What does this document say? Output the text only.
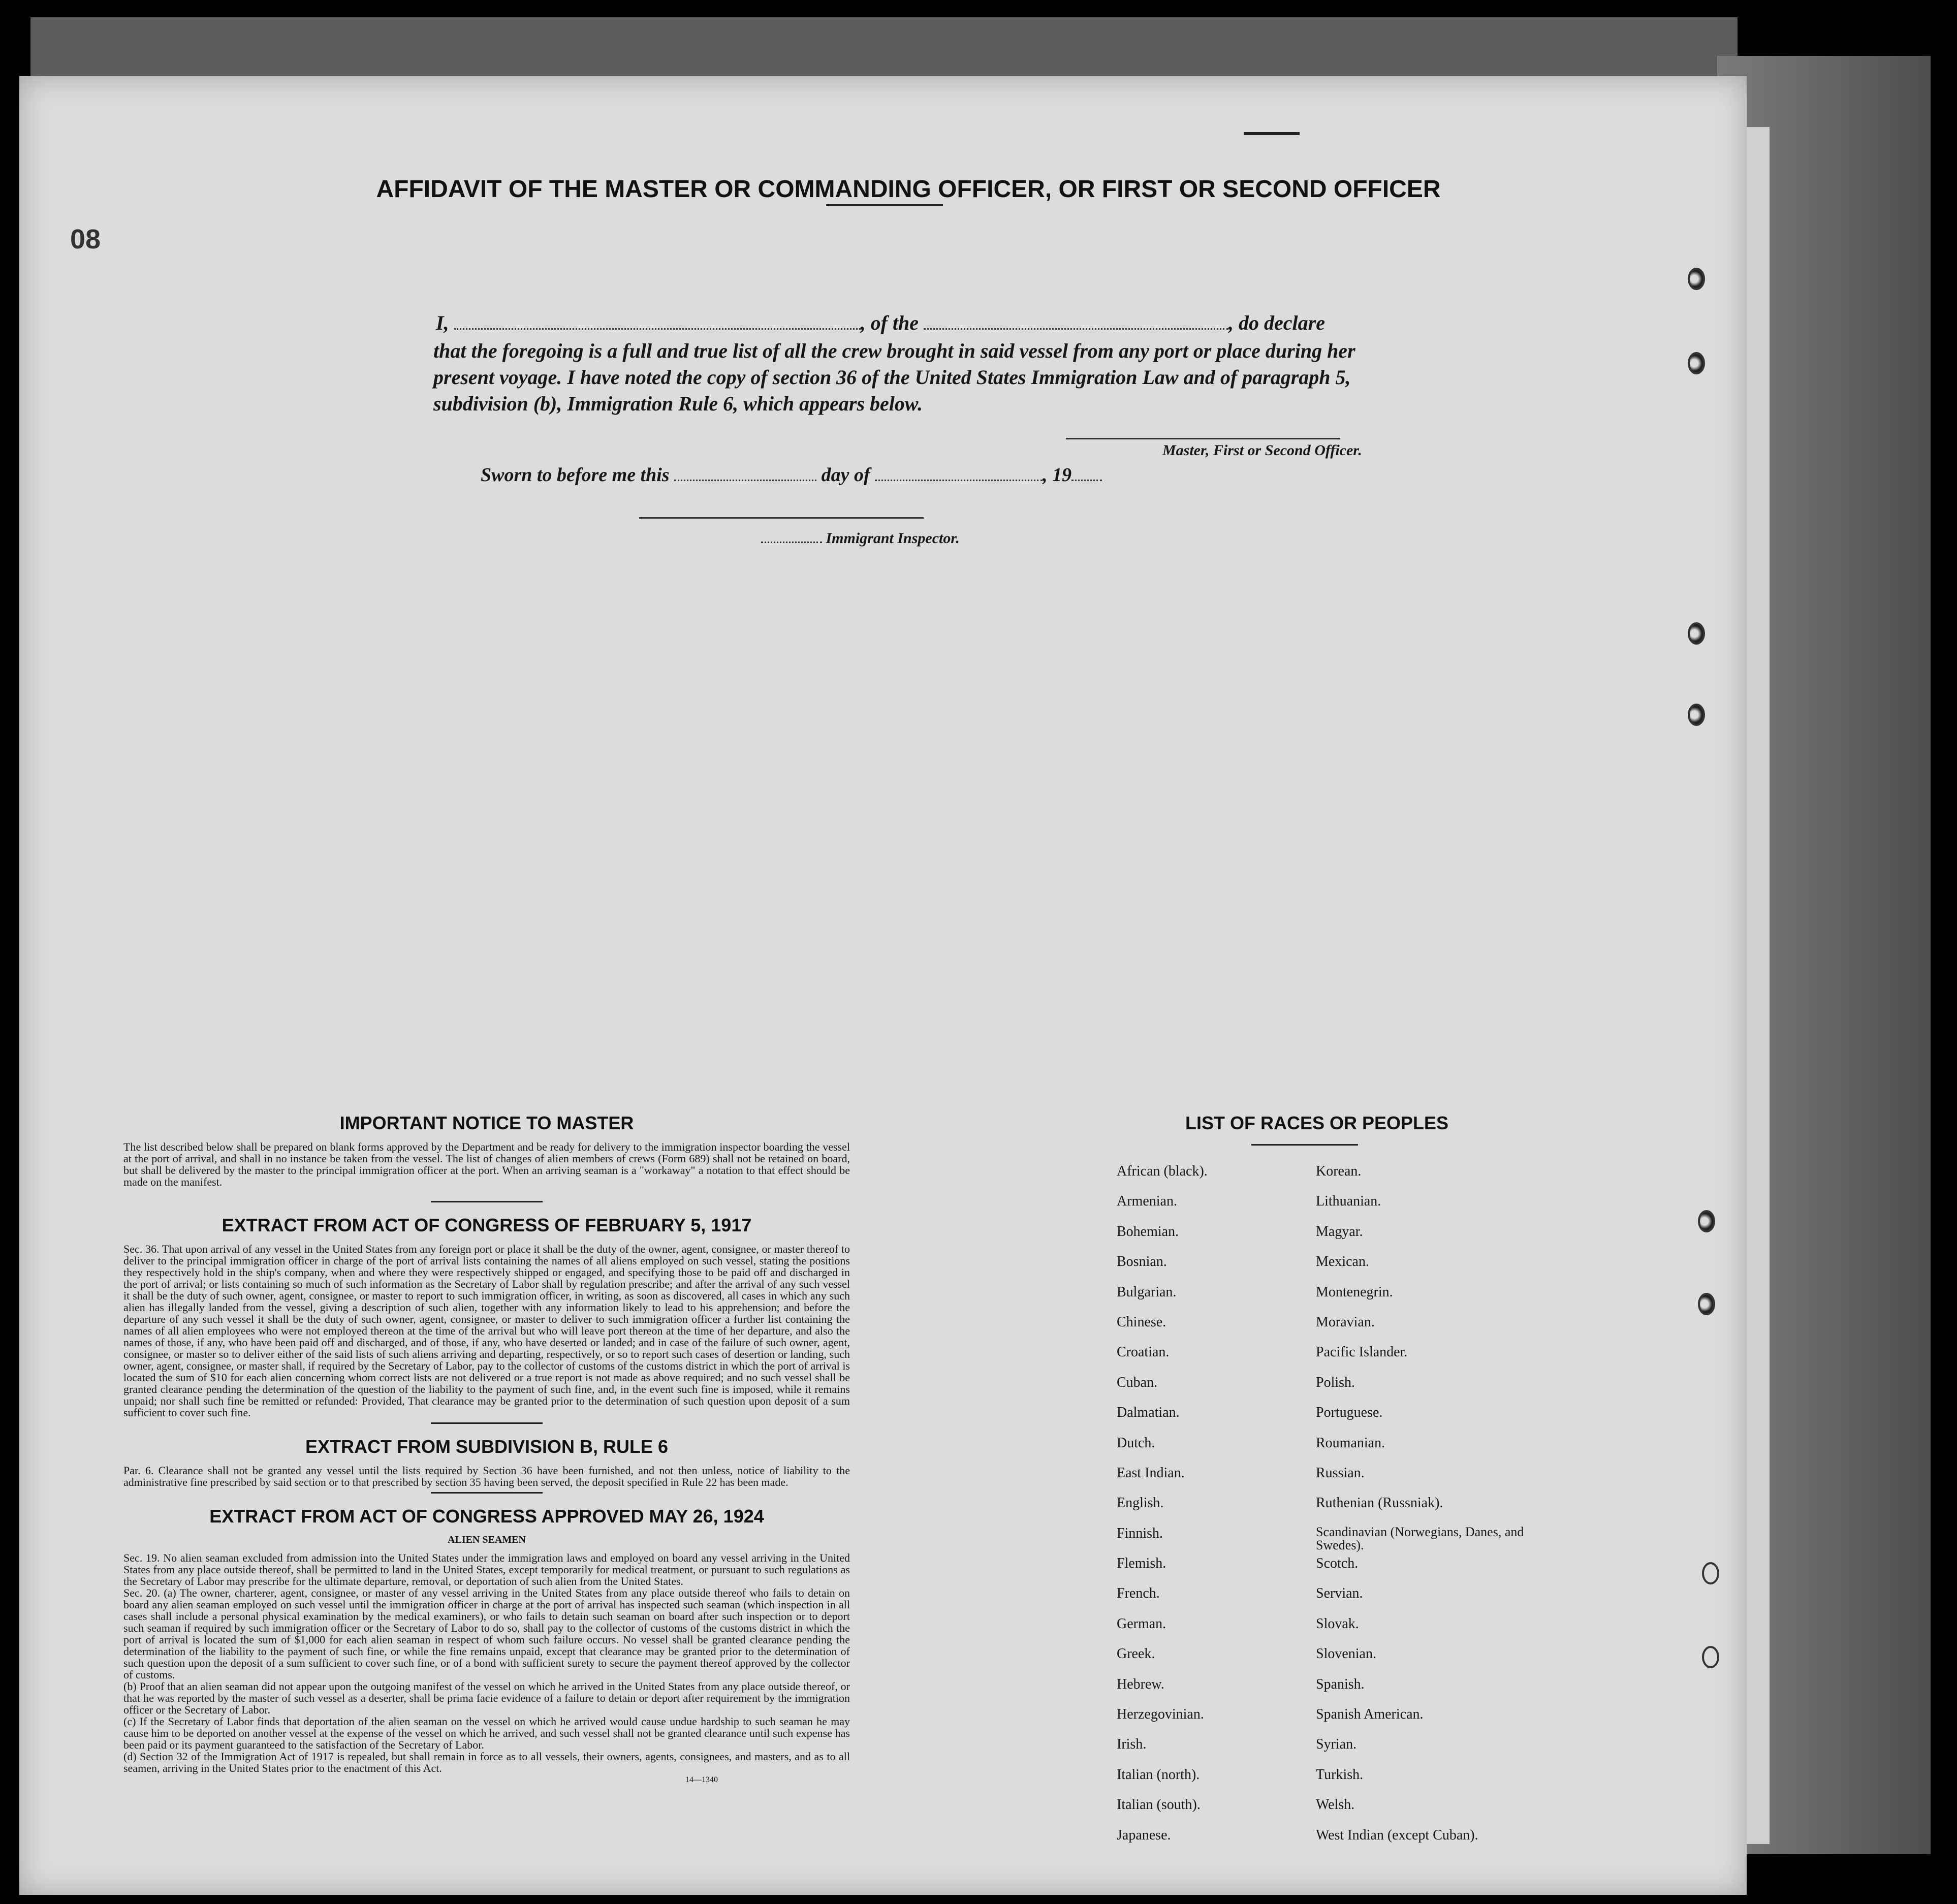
08
AFFIDAVIT OF THE MASTER OR COMMANDING OFFICER, OR FIRST OR SECOND OFFICER
I,	, of the	, do declare
that the foregoing is a full and true list of all the crew brought in said vessel from any port or place during her present voyage. I have noted the copy of section 36 of the United States Immigration Law and of paragraph 5, subdivision (b), Immigration Rule 6, which appears below.
Master, First or Second Officer.
Sworn to before me this	day of	, 19
Immigrant Inspector.

IMPORTANT NOTICE TO MASTER

The list described below shall be prepared on blank forms approved by the Department and be ready for delivery to the immigration inspector boarding the vessel at the port of arrival, and shall in no instance be taken from the vessel. The list of changes of alien members of crews (Form 689) shall not be retained on board, but shall be delivered by the master to the principal immigration officer at the port. When an arriving seaman is a "workaway" a notation to that effect should be made on the manifest.

EXTRACT FROM ACT OF CONGRESS OF FEBRUARY 5, 1917

Sec. 36. That upon arrival of any vessel in the United States from any foreign port or place it shall be the duty of the owner, agent, consignee, or master thereof to deliver to the principal immigration officer in charge of the port of arrival lists containing the names of all aliens employed on such vessel, stating the positions they respectively hold in the ship's company, when and where they were respectively shipped or engaged, and specifying those to be paid off and discharged in the port of arrival; or lists containing so much of such information as the Secretary of Labor shall by regulation prescribe; and after the arrival of any such vessel it shall be the duty of such owner, agent, consignee, or master to report to such immigration officer, in writing, as soon as discovered, all cases in which any such alien has illegally landed from the vessel, giving a description of such alien, together with any information likely to lead to his apprehension; and before the departure of any such vessel it shall be the duty of such owner, agent, consignee, or master to deliver to such immigration officer a further list containing the names of all alien employees who were not employed thereon at the time of the arrival but who will leave port thereon at the time of her departure, and also the names of those, if any, who have been paid off and discharged, and of those, if any, who have deserted or landed; and in case of the failure of such owner, agent, consignee, or master so to deliver either of the said lists of such aliens arriving and departing, respectively, or so to report such cases of desertion or landing, such owner, agent, consignee, or master shall, if required by the Secretary of Labor, pay to the collector of customs of the customs district in which the port of arrival is located the sum of $10 for each alien concerning whom correct lists are not delivered or a true report is not made as above required; and no such vessel shall be granted clearance pending the determination of the question of the liability to the payment of such fine, and, in the event such fine is imposed, while it remains unpaid; nor shall such fine be remitted or refunded: Provided, That clearance may be granted prior to the determination of such question upon deposit of a sum sufficient to cover such fine.

EXTRACT FROM SUBDIVISION B, RULE 6

Par. 6. Clearance shall not be granted any vessel until the lists required by Section 36 have been furnished, and not then unless, notice of liability to the administrative fine prescribed by said section or to that prescribed by section 35 having been served, the deposit specified in Rule 22 has been made.

EXTRACT FROM ACT OF CONGRESS APPROVED MAY 26, 1924

ALIEN SEAMEN

Sec. 19. No alien seaman excluded from admission into the United States under the immigration laws and employed on board any vessel arriving in the United States from any place outside thereof, shall be permitted to land in the United States, except temporarily for medical treatment, or pursuant to such regulations as the Secretary of Labor may prescribe for the ultimate departure, removal, or deportation of such alien from the United States.

Sec. 20. (a) The owner, charterer, agent, consignee, or master of any vessel arriving in the United States from any place outside thereof who fails to detain on board any alien seaman employed on such vessel until the immigration officer in charge at the port of arrival has inspected such seaman (which inspection in all cases shall include a personal physical examination by the medical examiners), or who fails to detain such seaman on board after such inspection or to deport such seaman if required by such immigration officer or the Secretary of Labor to do so, shall pay to the collector of customs of the customs district in which the port of arrival is located the sum of $1,000 for each alien seaman in respect of whom such failure occurs. No vessel shall be granted clearance pending the determination of the liability to the payment of such fine, or while the fine remains unpaid, except that clearance may be granted prior to the determination of such question upon the deposit of a sum sufficient to cover such fine, or of a bond with sufficient surety to secure the payment thereof approved by the collector of customs.

(b) Proof that an alien seaman did not appear upon the outgoing manifest of the vessel on which he arrived in the United States from any place outside thereof, or that he was reported by the master of such vessel as a deserter, shall be prima facie evidence of a failure to detain or deport after requirement by the immigration officer or the Secretary of Labor.

(c) If the Secretary of Labor finds that deportation of the alien seaman on the vessel on which he arrived would cause undue hardship to such seaman he may cause him to be deported on another vessel at the expense of the vessel on which he arrived, and such vessel shall not be granted clearance until such expense has been paid or its payment guaranteed to the satisfaction of the Secretary of Labor.

(d) Section 32 of the Immigration Act of 1917 is repealed, but shall remain in force as to all vessels, their owners, agents, consignees, and masters, and as to all seamen, arriving in the United States prior to the enactment of this Act.

14—1340

LIST OF RACES OR PEOPLES
African (black).	Korean.
Armenian.	Lithuanian.
Bohemian.	Magyar.
Bosnian.	Mexican.
Bulgarian.	Montenegrin.
Chinese.	Moravian.
Croatian.	Pacific Islander.
Cuban.	Polish.
Dalmatian.	Portuguese.
Dutch.	Roumanian.
East Indian.	Russian.
English.	Ruthenian (Russniak).
Finnish.	Scandinavian (Norwegians, Danes, and Swedes).
Flemish.	Scotch.
French.	Servian.
German.	Slovak.
Greek.	Slovenian.
Hebrew.	Spanish.
Herzegovinian.	Spanish American.
Irish.	Syrian.
Italian (north).	Turkish.
Italian (south).	Welsh.
Japanese.	West Indian (except Cuban).
